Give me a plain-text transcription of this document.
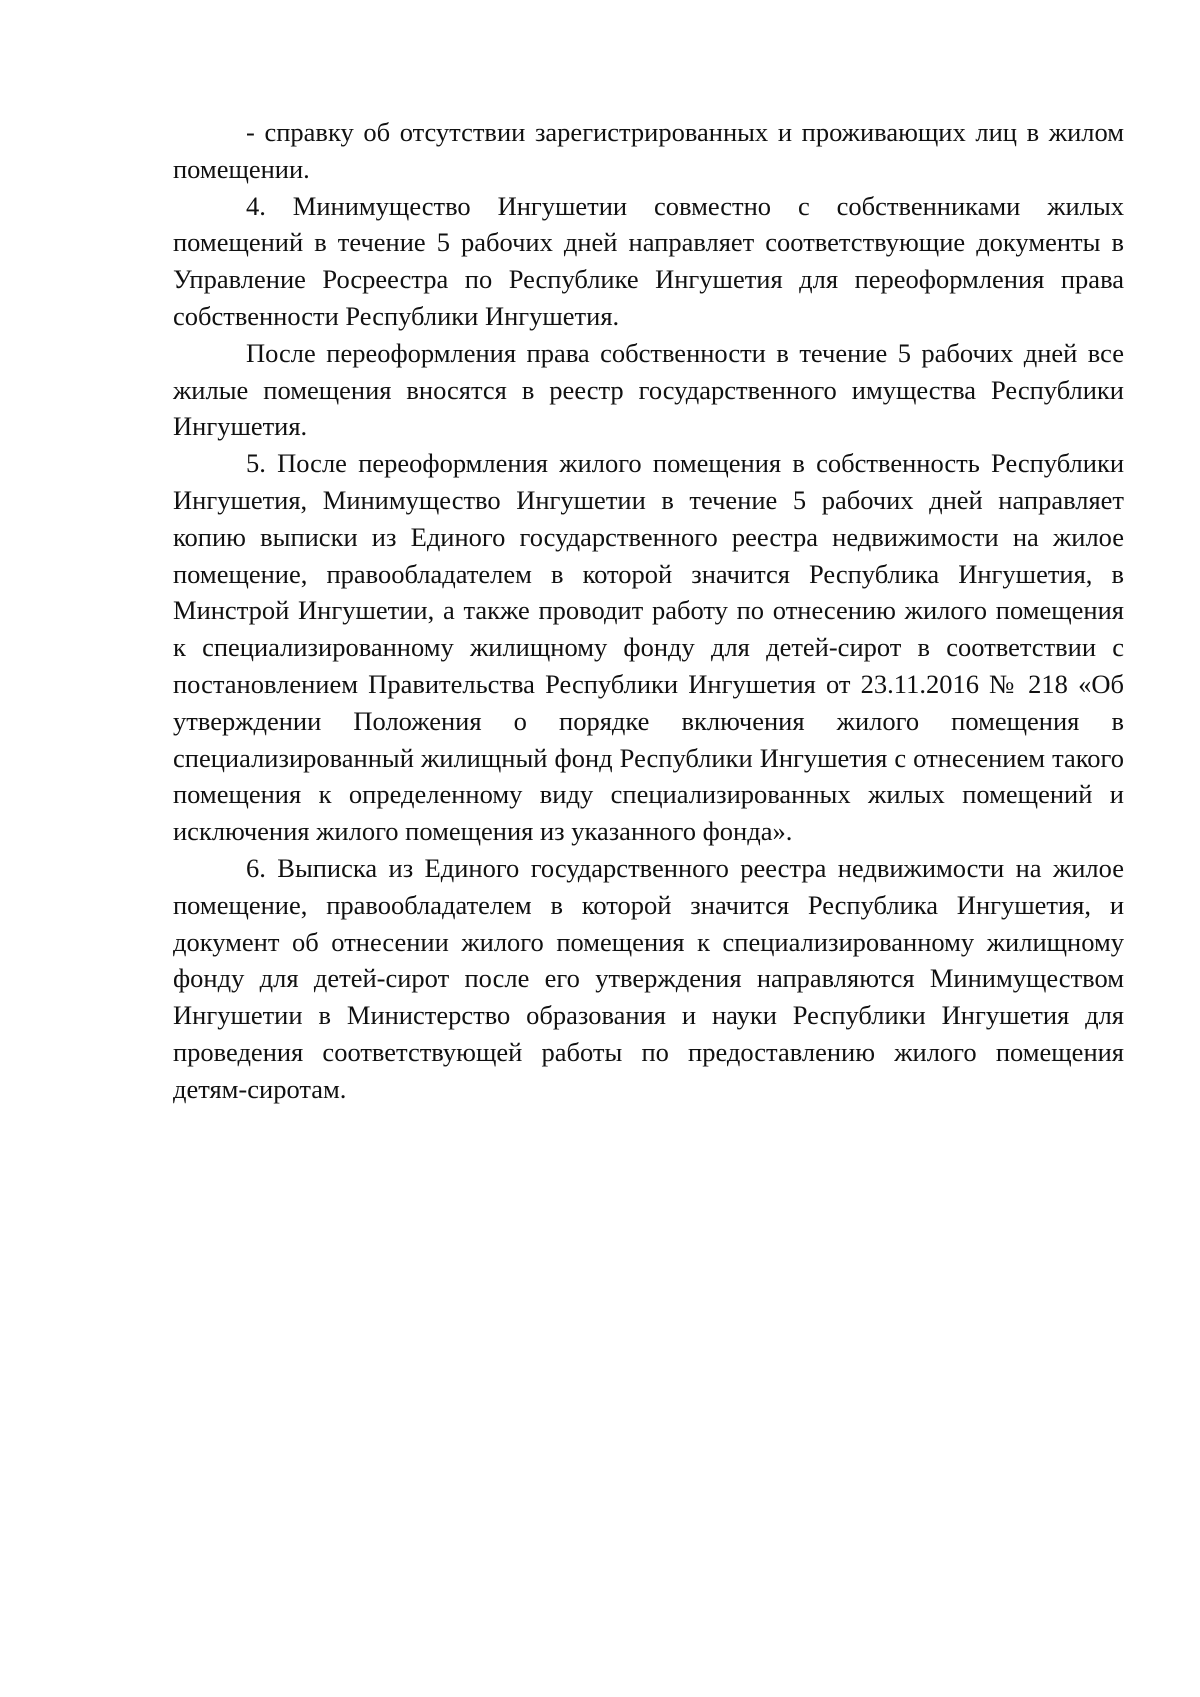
- справку об отсутствии зарегистрированных и проживающих лиц в жилом помещении.

4. Минимущество Ингушетии совместно с собственниками жилых помещений в течение 5 рабочих дней направляет соответствующие документы в Управление Росреестра по Республике Ингушетия для переоформления права собственности Республики Ингушетия.

После переоформления права собственности в течение 5 рабочих дней все жилые помещения вносятся в реестр государственного имущества Республики Ингушетия.

5. После переоформления жилого помещения в собственность Республики Ингушетия, Минимущество Ингушетии в течение 5 рабочих дней направляет копию выписки из Единого государственного реестра недвижимости на жилое помещение, правообладателем в которой значится Республика Ингушетия, в Минстрой Ингушетии, а также проводит работу по отнесению жилого помещения к специализированному жилищному фонду для детей-сирот в соответствии с постановлением Правительства Республики Ингушетия от 23.11.2016 № 218 «Об утверждении Положения о порядке включения жилого помещения в специализированный жилищный фонд Республики Ингушетия с отнесением такого помещения к определенному виду специализированных жилых помещений и исключения жилого помещения из указанного фонда».

6. Выписка из Единого государственного реестра недвижимости на жилое помещение, правообладателем в которой значится Республика Ингушетия, и документ об отнесении жилого помещения к специализированному жилищному фонду для детей-сирот после его утверждения направляются Минимуществом Ингушетии в Министерство образования и науки Республики Ингушетия для проведения соответствующей работы по предоставлению жилого помещения детям-сиротам.
